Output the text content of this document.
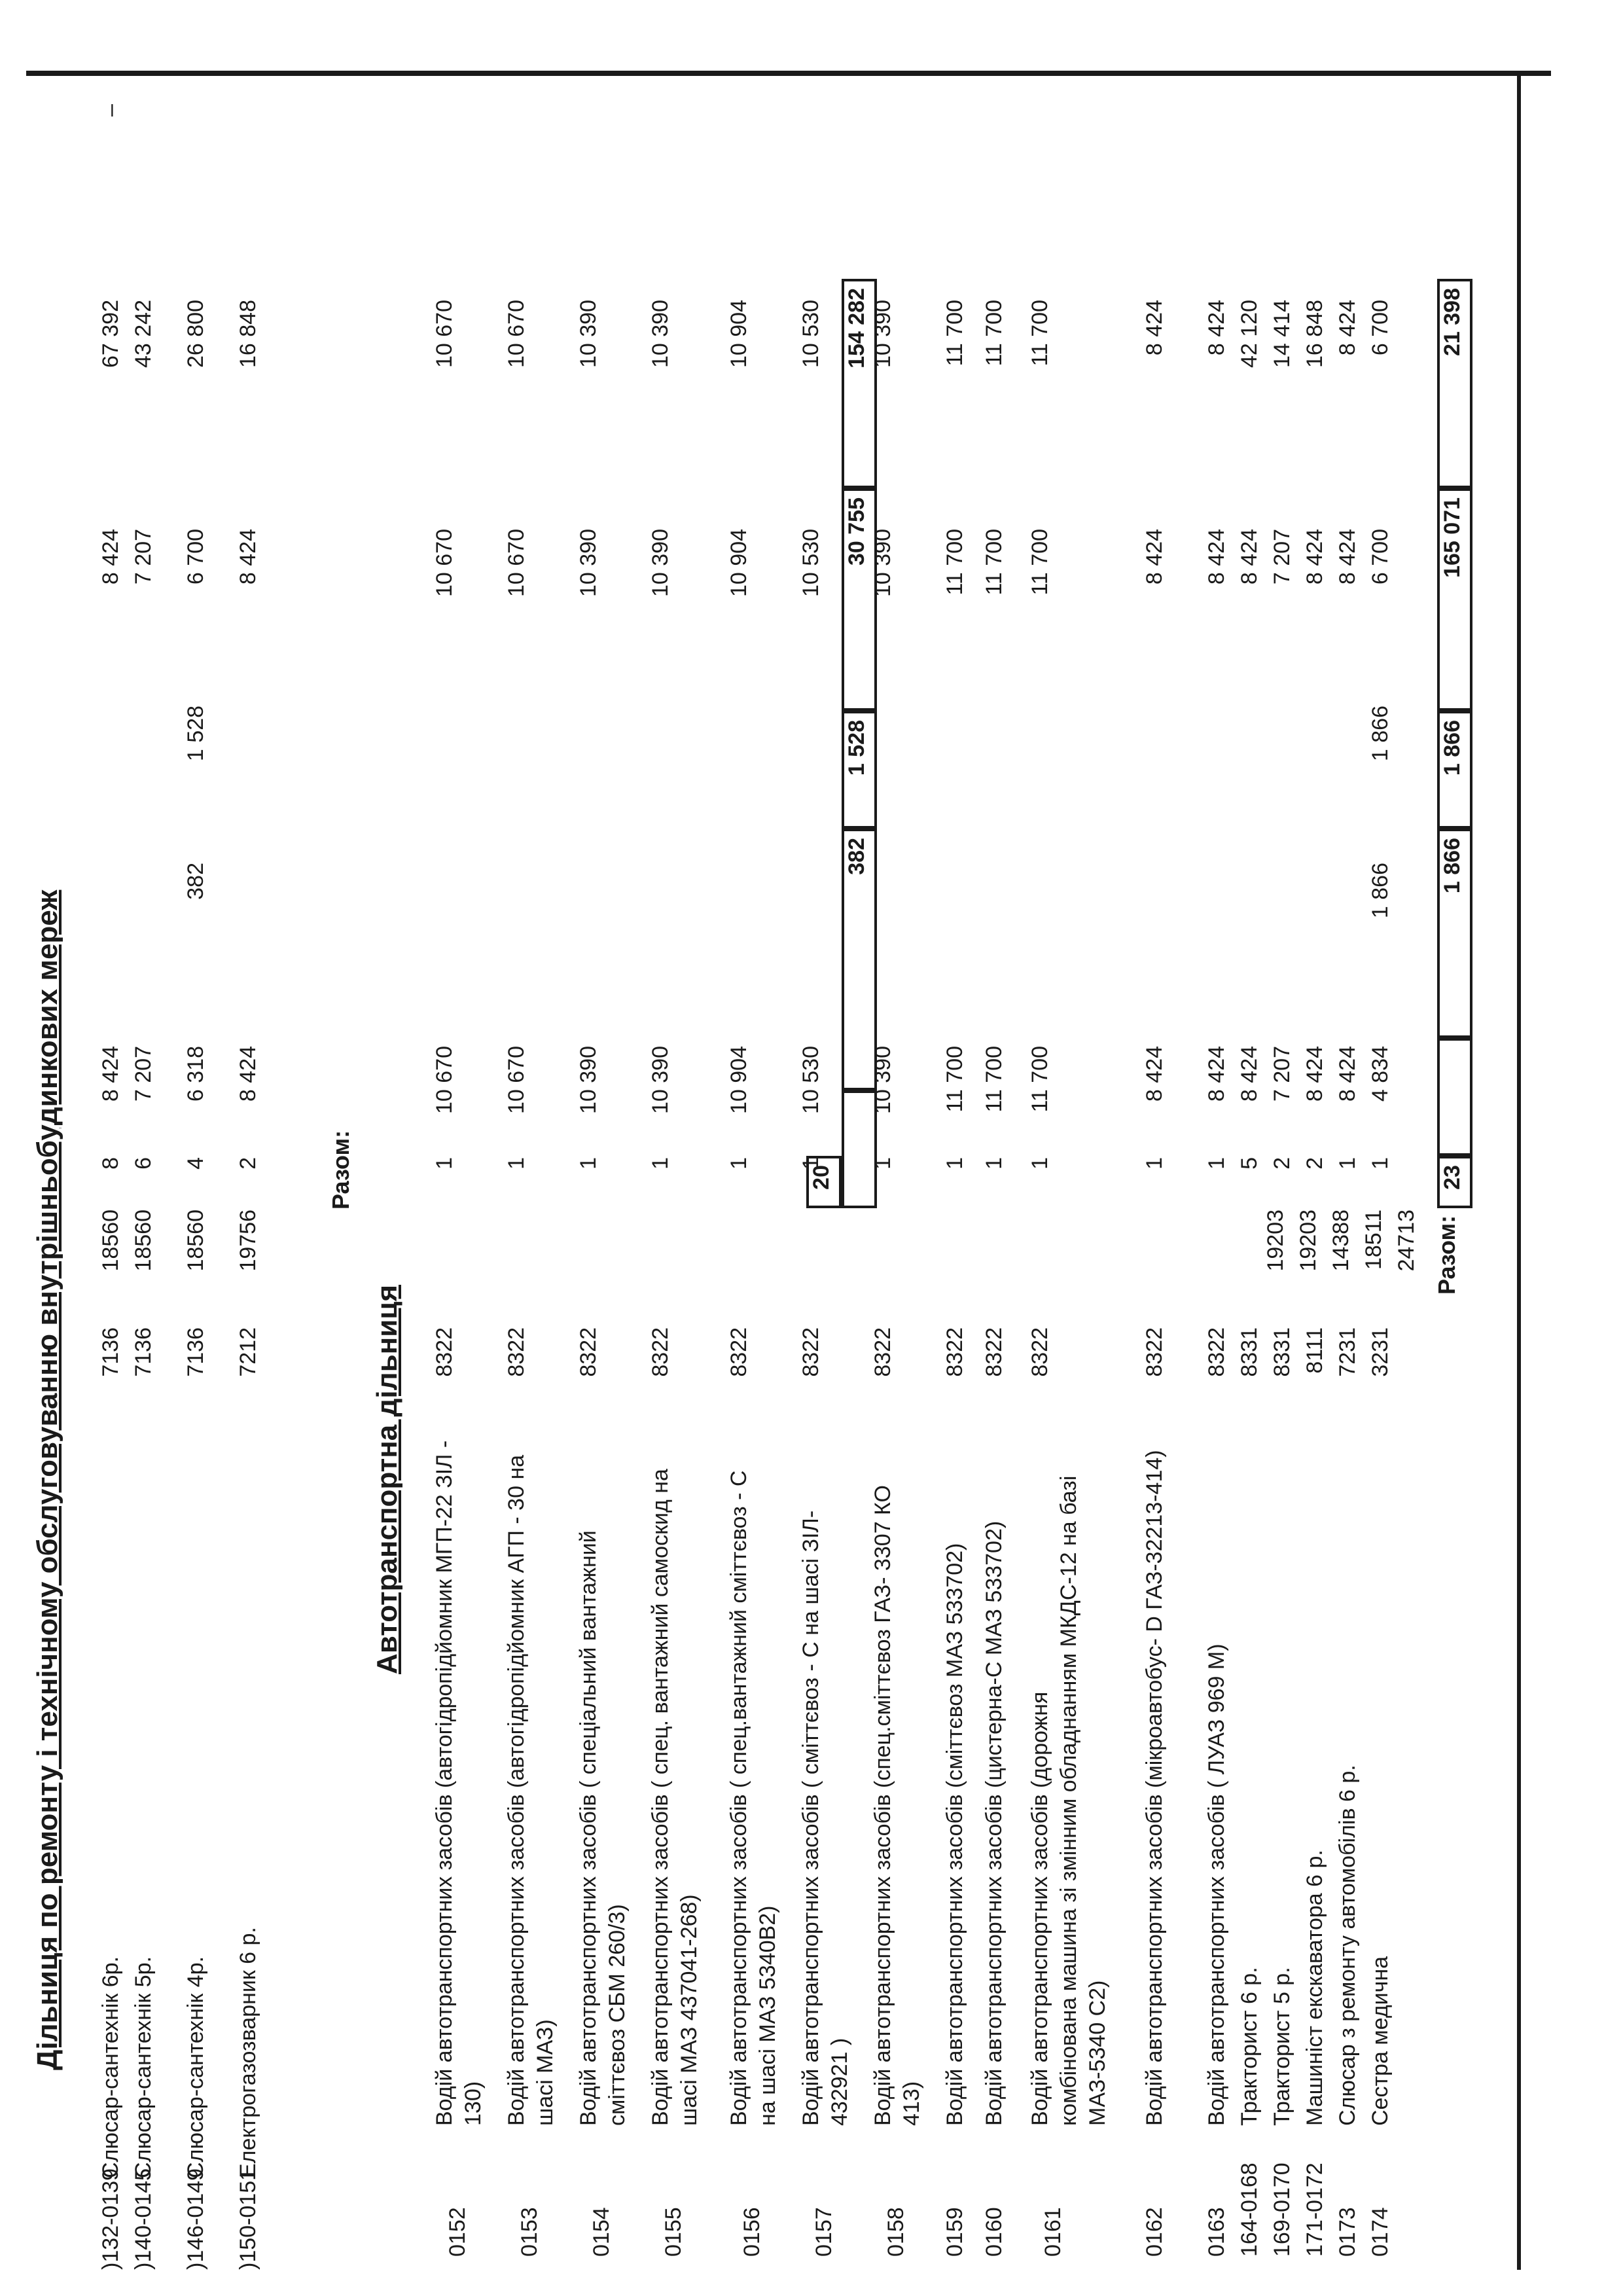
–
Дільниця по ремонту і технічному обслуговуванню внутрішньобудинкових мереж
)132-0139
Слюсар-сантехнік 6р.
7136
18560
8
8 424
8 424
67 392
)140-0145
Слюсар-сантехнік 5р.
7136
18560
6
7 207
7 207
43 242
)146-0149
Слюсар-сантехнік 4р.
7136
18560
4
6 318
382
1 528
6 700
26 800
)150-0151
Електрогазозварник 6 р.
7212
19756
2
8 424
8 424
16 848
Разом:	20
382
1 528
30 755
154 282
Автотранспортна дільниця
0152
Водій автотранспортних засобів (автогідропідйомник МГП-22 ЗІЛ - 130)
8322
1
10 670
10 670
10 670
0153
Водій автотранспортних засобів (автогідропідйомник АГП - 30 на шасі МАЗ)
8322
1
10 670
10 670
10 670
0154
Водій автотранспортних засобів ( спеціальний вантажний сміттєвоз СБМ 260/3)
8322
1
10 390
10 390
10 390
0155
Водій автотранспортних засобів ( спец. вантажний самоскид на шасі МАЗ 437041-268)
8322
1
10 390
10 390
10 390
0156
Водій автотранспортних засобів ( спец.вантажний сміттєвоз - С на шасі МАЗ 5340В2)
8322
1
10 904
10 904
10 904
0157
Водій автотранспортних засобів ( сміттєвоз - С на шасі ЗІЛ- 432921 )
8322
1
10 530
10 530
10 530
0158
Водій автотранспортних засобів (спец.сміттєвоз ГАЗ- 3307 КО 413)
8322
1
10 390
10 390
10 390
0159
Водій автотранспортних засобів (сміттєвоз МАЗ 533702)
8322
1
11 700
11 700
11 700
0160
Водій автотранспортних засобів (цистерна-С МАЗ 533702)
8322
1
11 700
11 700
11 700
0161
Водій автотранспортних засобів (дорожня комбінована машина зі змінним обладнанням МКДС-12 на базі МАЗ-5340 С2)
8322
1
11 700
11 700
11 700
0162
Водій автотранспортних засобів (мікроавтобус- D ГАЗ-32213-414)
8322
1
8 424
8 424
8 424
0163
Водій автотранспортних засобів ( ЛУАЗ 969 М)
8322
1
8 424
8 424
8 424
164-0168
Тракторист 6 р.
8331
19203
5
8 424
8 424
42 120
169-0170
Тракторист 5 р.
8331
19203
2
7 207
7 207
14 414
171-0172
Машиніст екскаватора 6 р.
8111
14388
2
8 424
8 424
16 848
0173
Слюсар з ремонту автомобілів 6 р.
7231
18511
1
8 424
8 424
8 424
0174
Сестра медична
3231
24713
1
4 834
1 866
1 866
6 700
6 700
Разом:
23
1 866
1 866
165 071
21 398
